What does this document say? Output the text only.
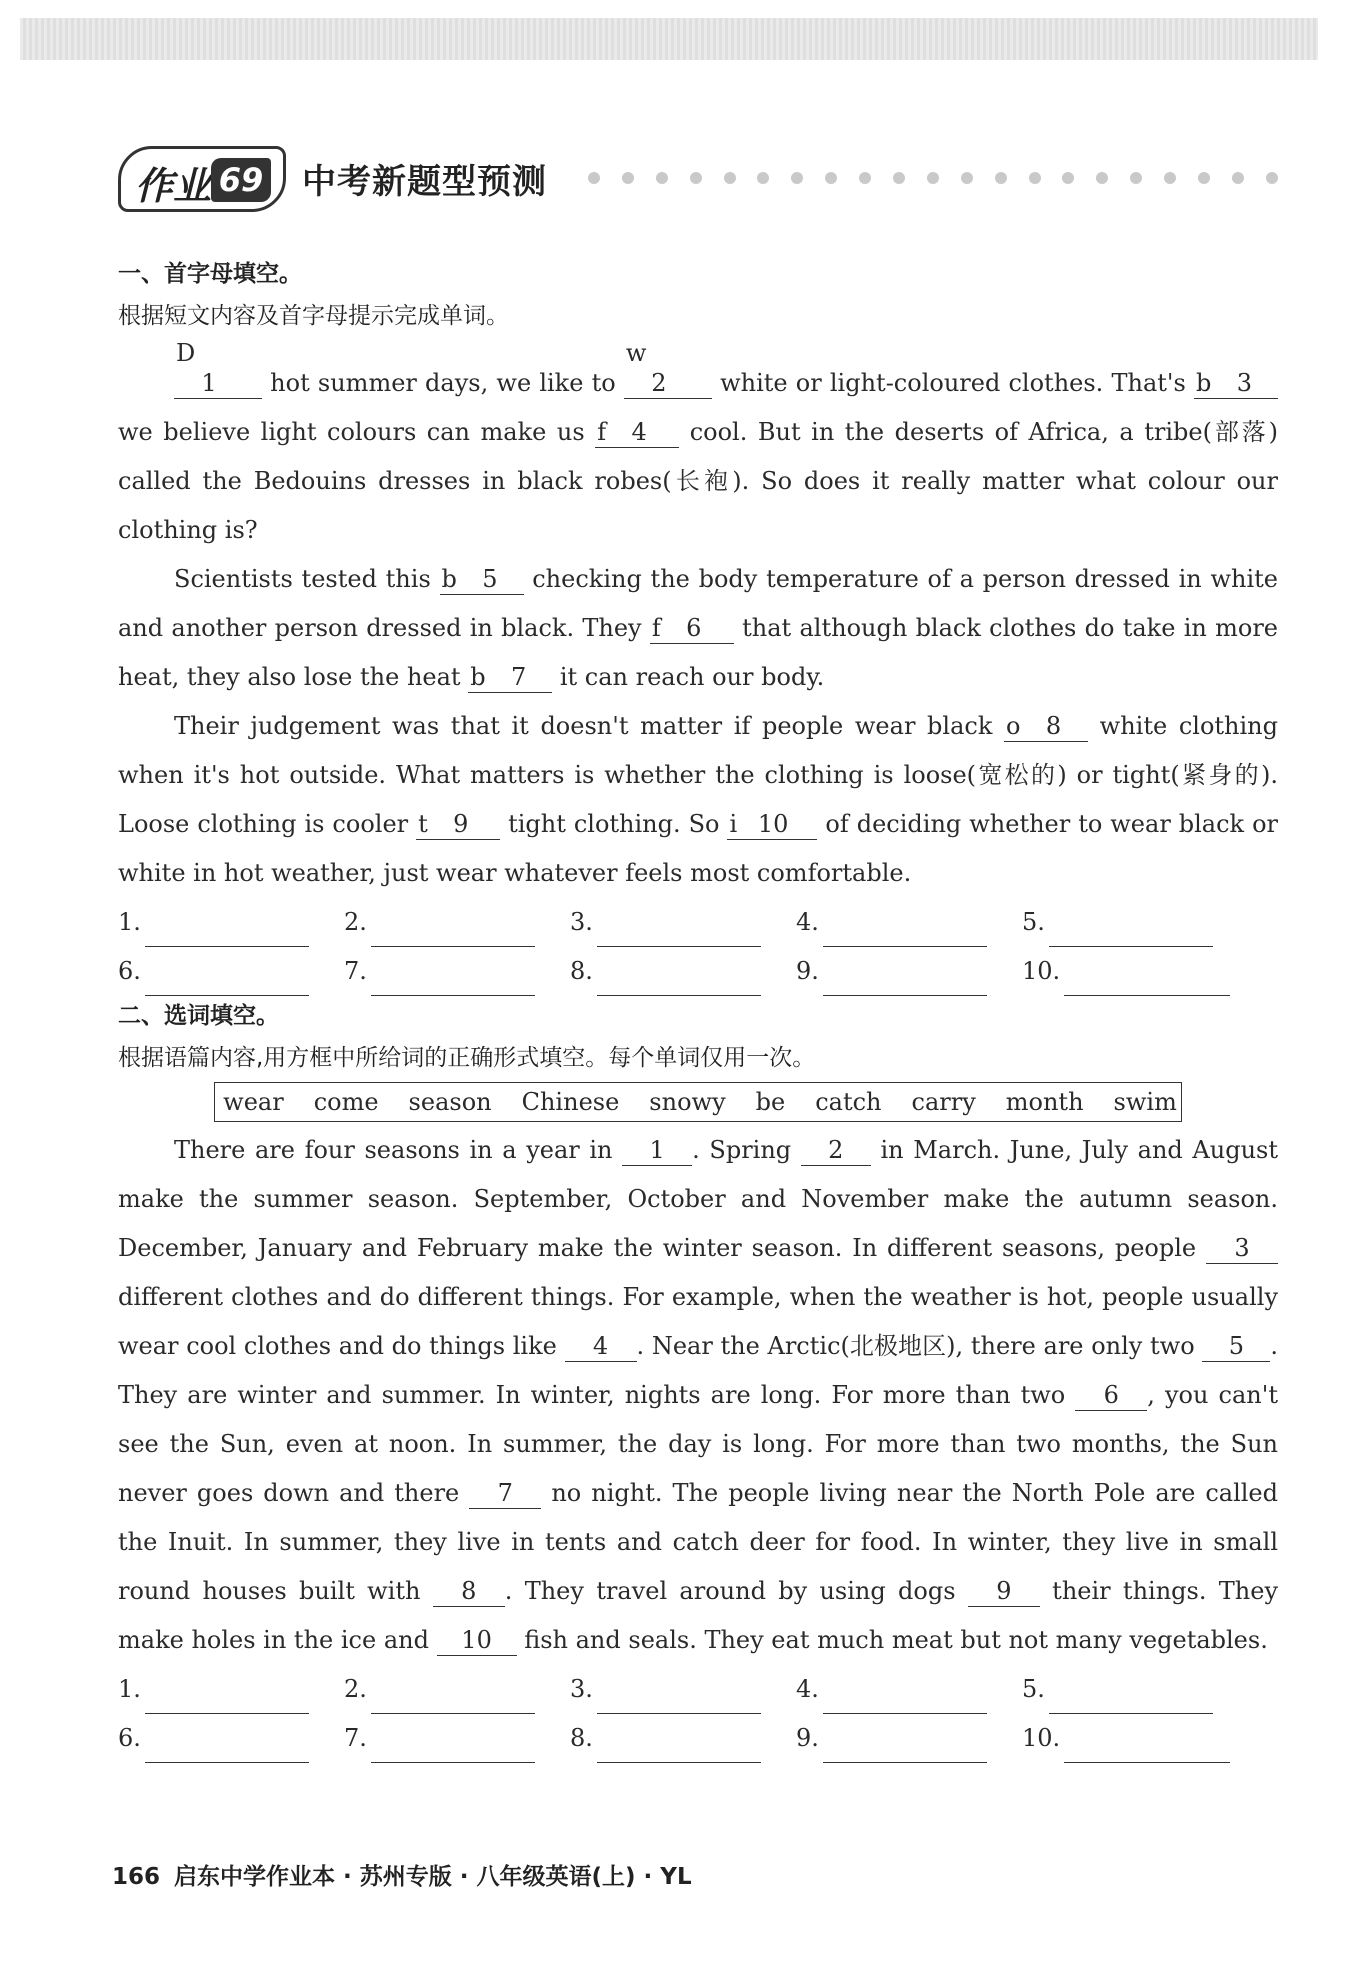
作业 69 中考新题型预测
一、首字母填空。
根据短文内容及首字母提示完成单词。

D1 hot summer days, we like to w2 white or light-coloured clothes. That's b 3 we believe light colours can make us f 4 cool. But in the deserts of Africa, a tribe(部落) called the Bedouins dresses in black robes(长袍). So does it really matter what colour our clothing is?

Scientists tested this b 5 checking the body temperature of a person dressed in white and another person dressed in black. They f 6 that although black clothes do take in more heat, they also lose the heat b 7 it can reach our body.

Their judgement was that it doesn't matter if people wear black o 8 white clothing when it's hot outside. What matters is whether the clothing is loose(宽松的) or tight(紧身的). Loose clothing is cooler t 9 tight clothing. So i 10 of deciding whether to wear black or white in hot weather, just wear whatever feels most comfortable.

1.	2.	3.	4.	5.
6.	7.	8.	9.	10.
二、选词填空。
根据语篇内容,用方框中所给词的正确形式填空。每个单词仅用一次。
wear come season Chinese snowy be catch carry month swim

There are four seasons in a year in 1 . Spring 2 in March. June, July and August make the summer season. September, October and November make the autumn season. December, January and February make the winter season. In different seasons, people 3 different clothes and do different things. For example, when the weather is hot, people usually wear cool clothes and do things like 4 . Near the Arctic(北极地区), there are only two 5 . They are winter and summer. In winter, nights are long. For more than two 6 , you can't see the Sun, even at noon. In summer, the day is long. For more than two months, the Sun never goes down and there 7 no night. The people living near the North Pole are called the Inuit. In summer, they live in tents and catch deer for food. In winter, they live in small round houses built with 8 . They travel around by using dogs 9 their things. They make holes in the ice and 10 fish and seals. They eat much meat but not many vegetables.

1.	2.	3.	4.	5.
6.	7.	8.	9.	10.
166 启东中学作业本 · 苏州专版 · 八年级英语(上) · YL
